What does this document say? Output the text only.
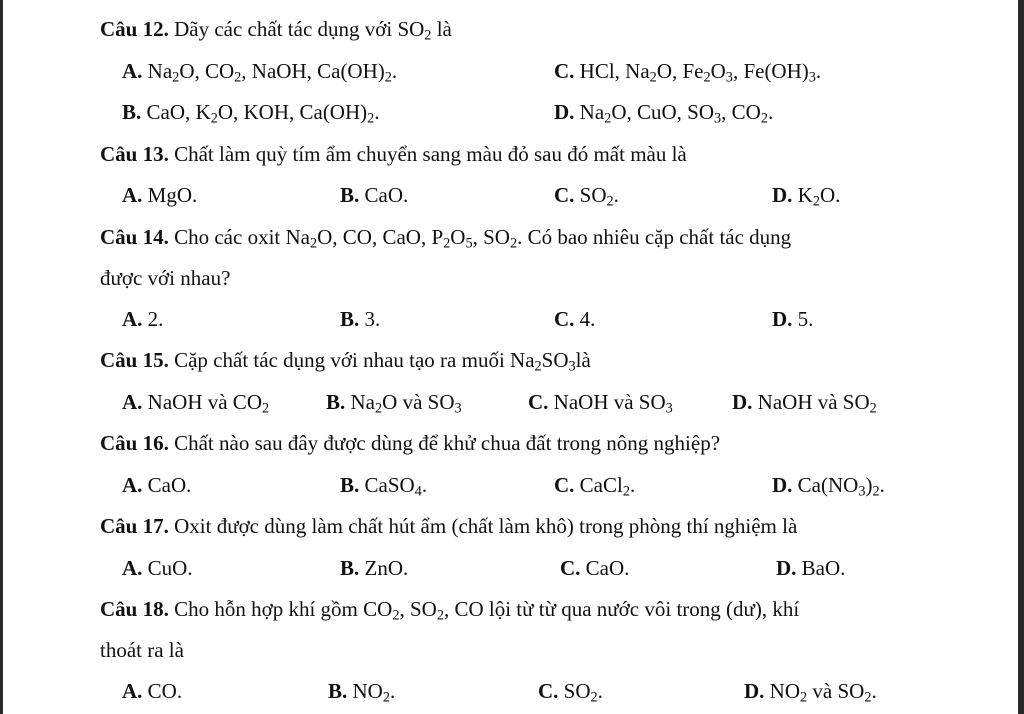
Câu 12. Dãy các chất tác dụng với $SO_2$ là
A. $Na_2O$, $CO_2$, NaOH, $Ca(OH)_2$.	C. HCl, $Na_2O$, $Fe_2O_3$, $Fe(OH)_3$.
B. CaO, $K_2O$, KOH, $Ca(OH)_2$.	D. $Na_2O$, CuO, $SO_3$, $CO_2$.
Câu 13. Chất làm quỳ tím ẩm chuyển sang màu đỏ sau đó mất màu là
A. MgO.	B. CaO.	C. $SO_2$.	D. $K_2O$.
Câu 14. Cho các oxit $Na_2O$, CO, CaO, $P_2O_5$, $SO_2$. Có bao nhiêu cặp chất tác dụng
được với nhau?
A. 2.	B. 3.	C. 4.	D. 5.
Câu 15. Cặp chất tác dụng với nhau tạo ra muối $Na_2SO_3là$
A. NaOH và $CO_2$	B. $Na_2O$ và $SO_3$	C. NaOH và $SO_3$	D. NaOH và $SO_2$
Câu 16. Chất nào sau đây được dùng để khử chua đất trong nông nghiệp?
A. CaO.	B. CaSO$_4$.	C. CaCl$_2$.	D. $Ca(NO_3)_2$.
Câu 17. Oxit được dùng làm chất hút ẩm (chất làm khô) trong phòng thí nghiệm là
A. CuO.	B. ZnO.	C. CaO.	D. BaO.
Câu 18. Cho hỗn hợp khí gồm $CO_2$, $SO_2$, CO lội từ từ qua nước vôi trong (dư), khí
thoát ra là
A. CO.	B. $NO_2$.	C. $SO_2$.	D. $NO_2$ và $SO_2$.
